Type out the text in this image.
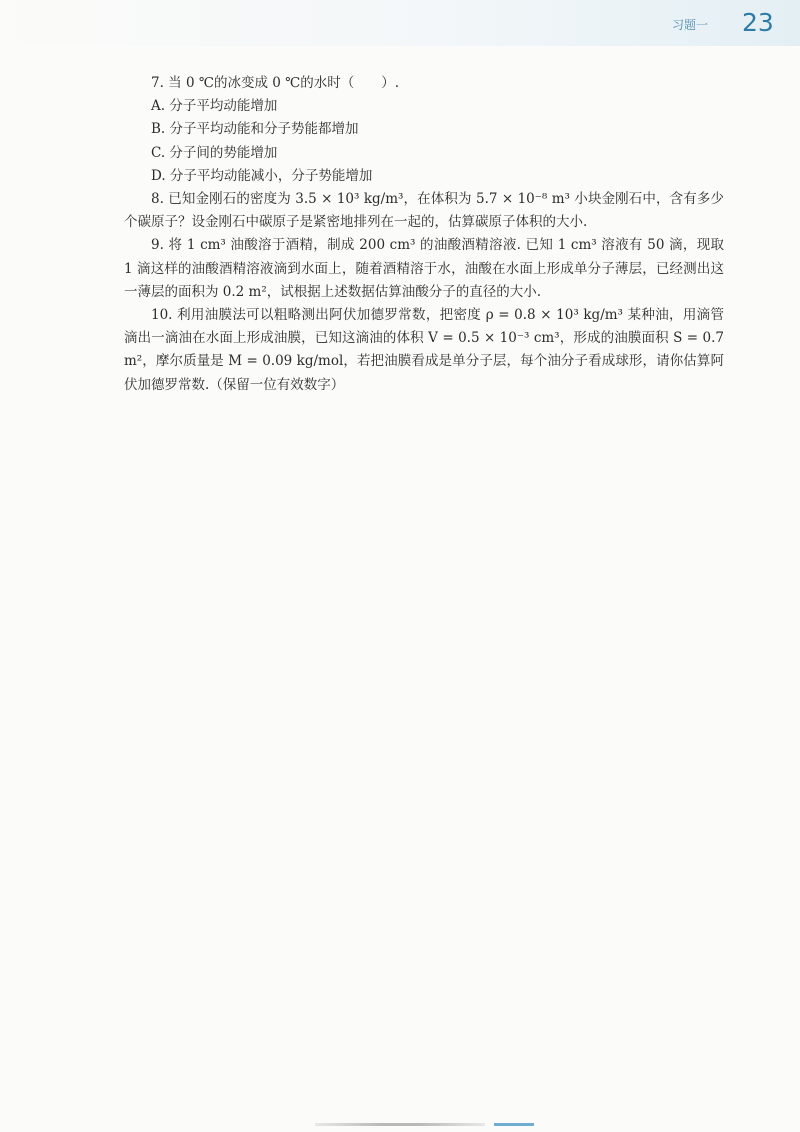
习题一 23

7. 当 0 ℃的冰变成 0 ℃的水时（　　）.

A. 分子平均动能增加

B. 分子平均动能和分子势能都增加

C. 分子间的势能增加

D. 分子平均动能减小，分子势能增加

8. 已知金刚石的密度为 3.5 × 10³ kg/m³，在体积为 5.7 × 10⁻⁸ m³ 小块金刚石中，含有多少个碳原子？设金刚石中碳原子是紧密地排列在一起的，估算碳原子体积的大小.

9. 将 1 cm³ 油酸溶于酒精，制成 200 cm³ 的油酸酒精溶液. 已知 1 cm³ 溶液有 50 滴，现取 1 滴这样的油酸酒精溶液滴到水面上，随着酒精溶于水，油酸在水面上形成单分子薄层，已经测出这一薄层的面积为 0.2 m²，试根据上述数据估算油酸分子的直径的大小.

10. 利用油膜法可以粗略测出阿伏加德罗常数，把密度 ρ = 0.8 × 10³ kg/m³ 某种油，用滴管滴出一滴油在水面上形成油膜，已知这滴油的体积 V = 0.5 × 10⁻³ cm³，形成的油膜面积 S = 0.7 m²，摩尔质量是 M = 0.09 kg/mol，若把油膜看成是单分子层，每个油分子看成球形，请你估算阿伏加德罗常数.（保留一位有效数字）
